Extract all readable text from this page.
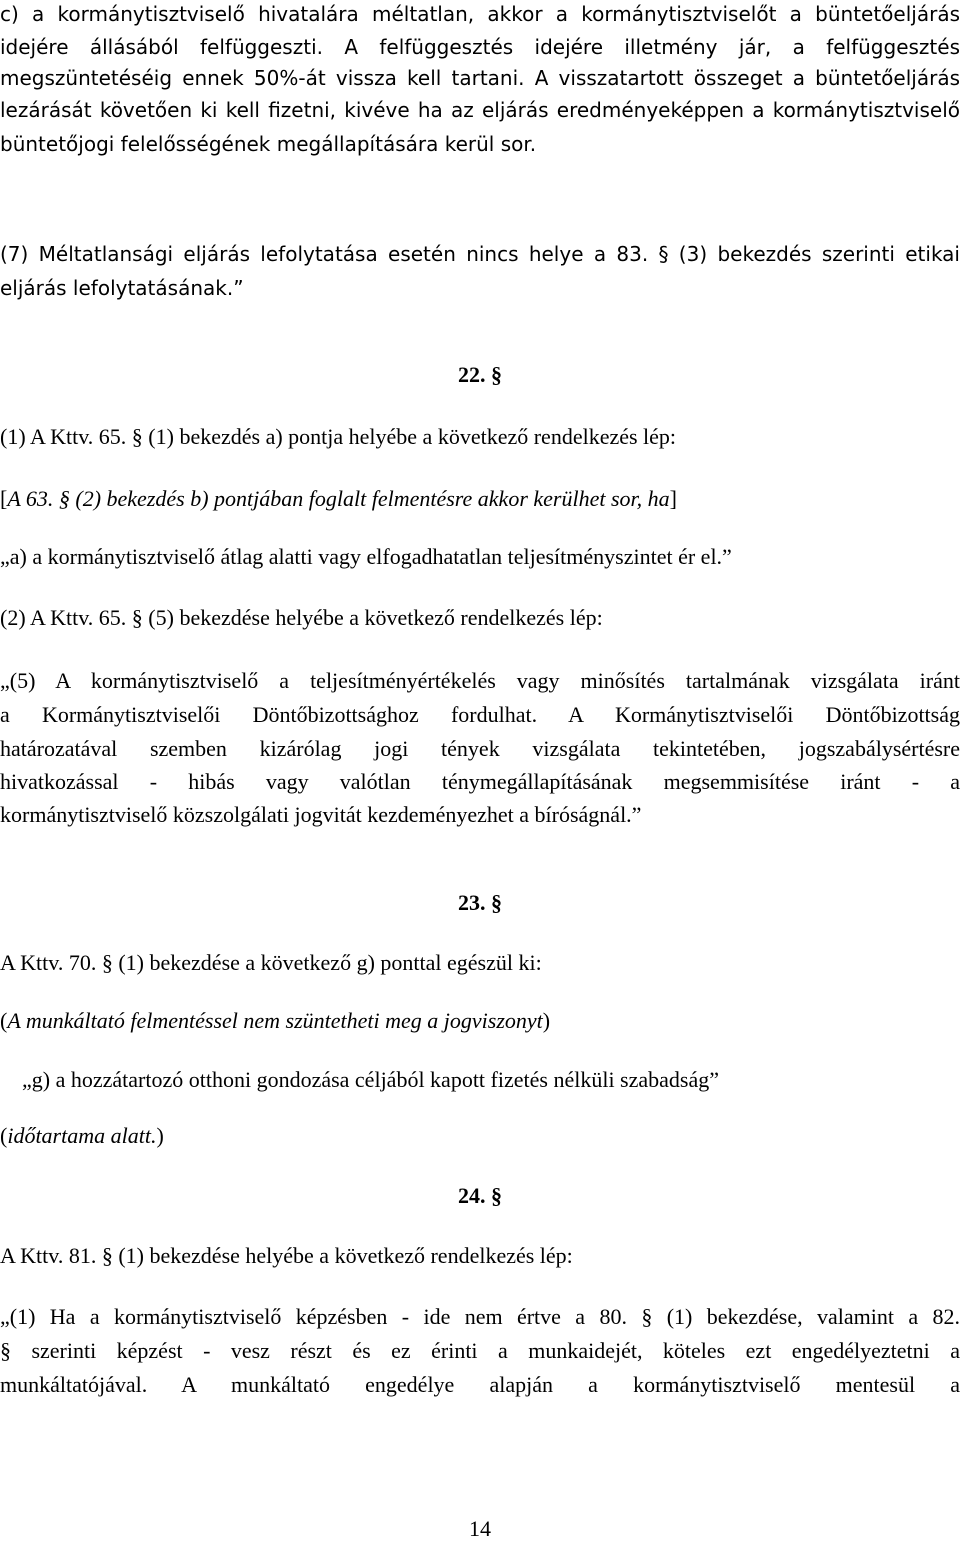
c) a kormánytisztviselő hivatalára méltatlan, akkor a kormánytisztviselőt a büntetőeljárás
idejére állásából felfüggeszti. A felfüggesztés idejére illetmény jár, a felfüggesztés
megszüntetéséig ennek 50%-át vissza kell tartani. A visszatartott összeget a büntetőeljárás
lezárását követően ki kell fizetni, kivéve ha az eljárás eredményeképpen a kormánytisztviselő
büntetőjogi felelősségének megállapítására kerül sor.
(7) Méltatlansági eljárás lefolytatása esetén nincs helye a 83. § (3) bekezdés szerinti etikai
eljárás lefolytatásának.”
22. §
(1) A Kttv. 65. § (1) bekezdés a) pontja helyébe a következő rendelkezés lép:
[A 63. § (2) bekezdés b) pontjában foglalt felmentésre akkor kerülhet sor, ha]
„a) a kormánytisztviselő átlag alatti vagy elfogadhatatlan teljesítményszintet ér el.”
(2) A Kttv. 65. § (5) bekezdése helyébe a következő rendelkezés lép:
„(5) A kormánytisztviselő a teljesítményértékelés vagy minősítés tartalmának vizsgálata iránt
a Kormánytisztviselői Döntőbizottsághoz fordulhat. A Kormánytisztviselői Döntőbizottság
határozatával szemben kizárólag jogi tények vizsgálata tekintetében, jogszabálysértésre
hivatkozással - hibás vagy valótlan ténymegállapításának megsemmisítése iránt - a
kormánytisztviselő közszolgálati jogvitát kezdeményezhet a bíróságnál.”
23. §
A Kttv. 70. § (1) bekezdése a következő g) ponttal egészül ki:
(A munkáltató felmentéssel nem szüntetheti meg a jogviszonyt)
„g) a hozzátartozó otthoni gondozása céljából kapott fizetés nélküli szabadság”
(időtartama alatt.)
24. §
A Kttv. 81. § (1) bekezdése helyébe a következő rendelkezés lép:
„(1) Ha a kormánytisztviselő képzésben - ide nem értve a 80. § (1) bekezdése, valamint a 82.
§ szerinti képzést - vesz részt és ez érinti a munkaidejét, köteles ezt engedélyeztetni a
munkáltatójával. A munkáltató engedélye alapján a kormánytisztviselő mentesül a
14
